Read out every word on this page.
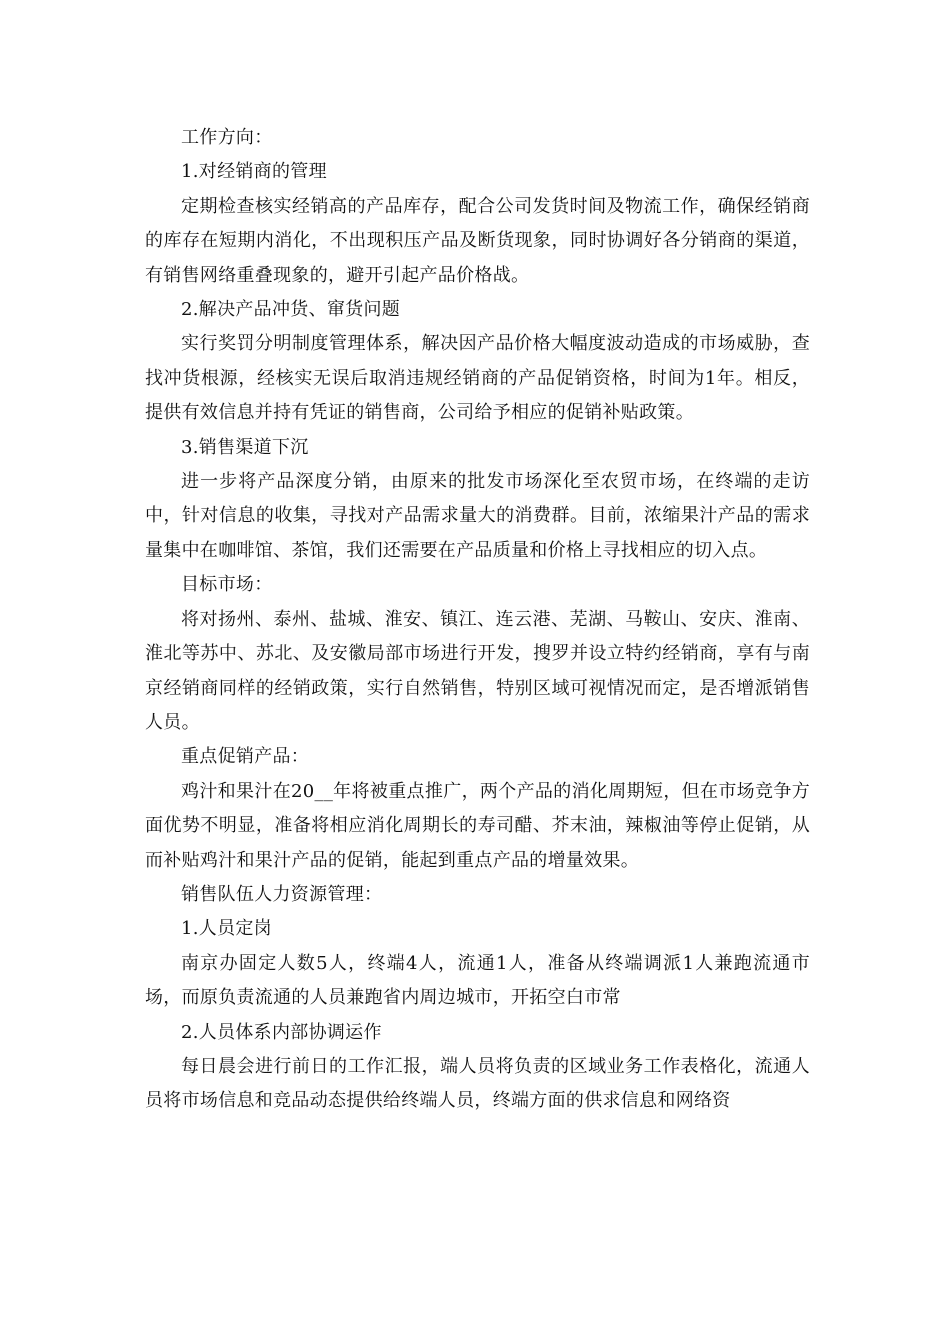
工作方向：

1.对经销商的管理

定期检查核实经销高的产品库存，配合公司发货时间及物流工作，确保经销商的库存在短期内消化，不出现积压产品及断货现象，同时协调好各分销商的渠道，有销售网络重叠现象的，避开引起产品价格战。

2.解决产品冲货、窜货问题

实行奖罚分明制度管理体系，解决因产品价格大幅度波动造成的市场威胁，查找冲货根源，经核实无误后取消违规经销商的产品促销资格，时间为1年。相反，提供有效信息并持有凭证的销售商，公司给予相应的促销补贴政策。

3.销售渠道下沉

进一步将产品深度分销，由原来的批发市场深化至农贸市场，在终端的走访中，针对信息的收集，寻找对产品需求量大的消费群。目前，浓缩果汁产品的需求量集中在咖啡馆、茶馆，我们还需要在产品质量和价格上寻找相应的切入点。

目标市场：

将对扬州、泰州、盐城、淮安、镇江、连云港、芜湖、马鞍山、安庆、淮南、淮北等苏中、苏北、及安徽局部市场进行开发，搜罗并设立特约经销商，享有与南京经销商同样的经销政策，实行自然销售，特别区域可视情况而定，是否增派销售人员。

重点促销产品：

鸡汁和果汁在20__年将被重点推广，两个产品的消化周期短，但在市场竞争方面优势不明显，准备将相应消化周期长的寿司醋、芥末油，辣椒油等停止促销，从而补贴鸡汁和果汁产品的促销，能起到重点产品的增量效果。

销售队伍人力资源管理：

1.人员定岗

南京办固定人数5人，终端4人，流通1人，准备从终端调派1人兼跑流通市场，而原负责流通的人员兼跑省内周边城市，开拓空白市常

2.人员体系内部协调运作

每日晨会进行前日的工作汇报，端人员将负责的区域业务工作表格化，流通人员将市场信息和竞品动态提供给终端人员，终端方面的供求信息和网络资
